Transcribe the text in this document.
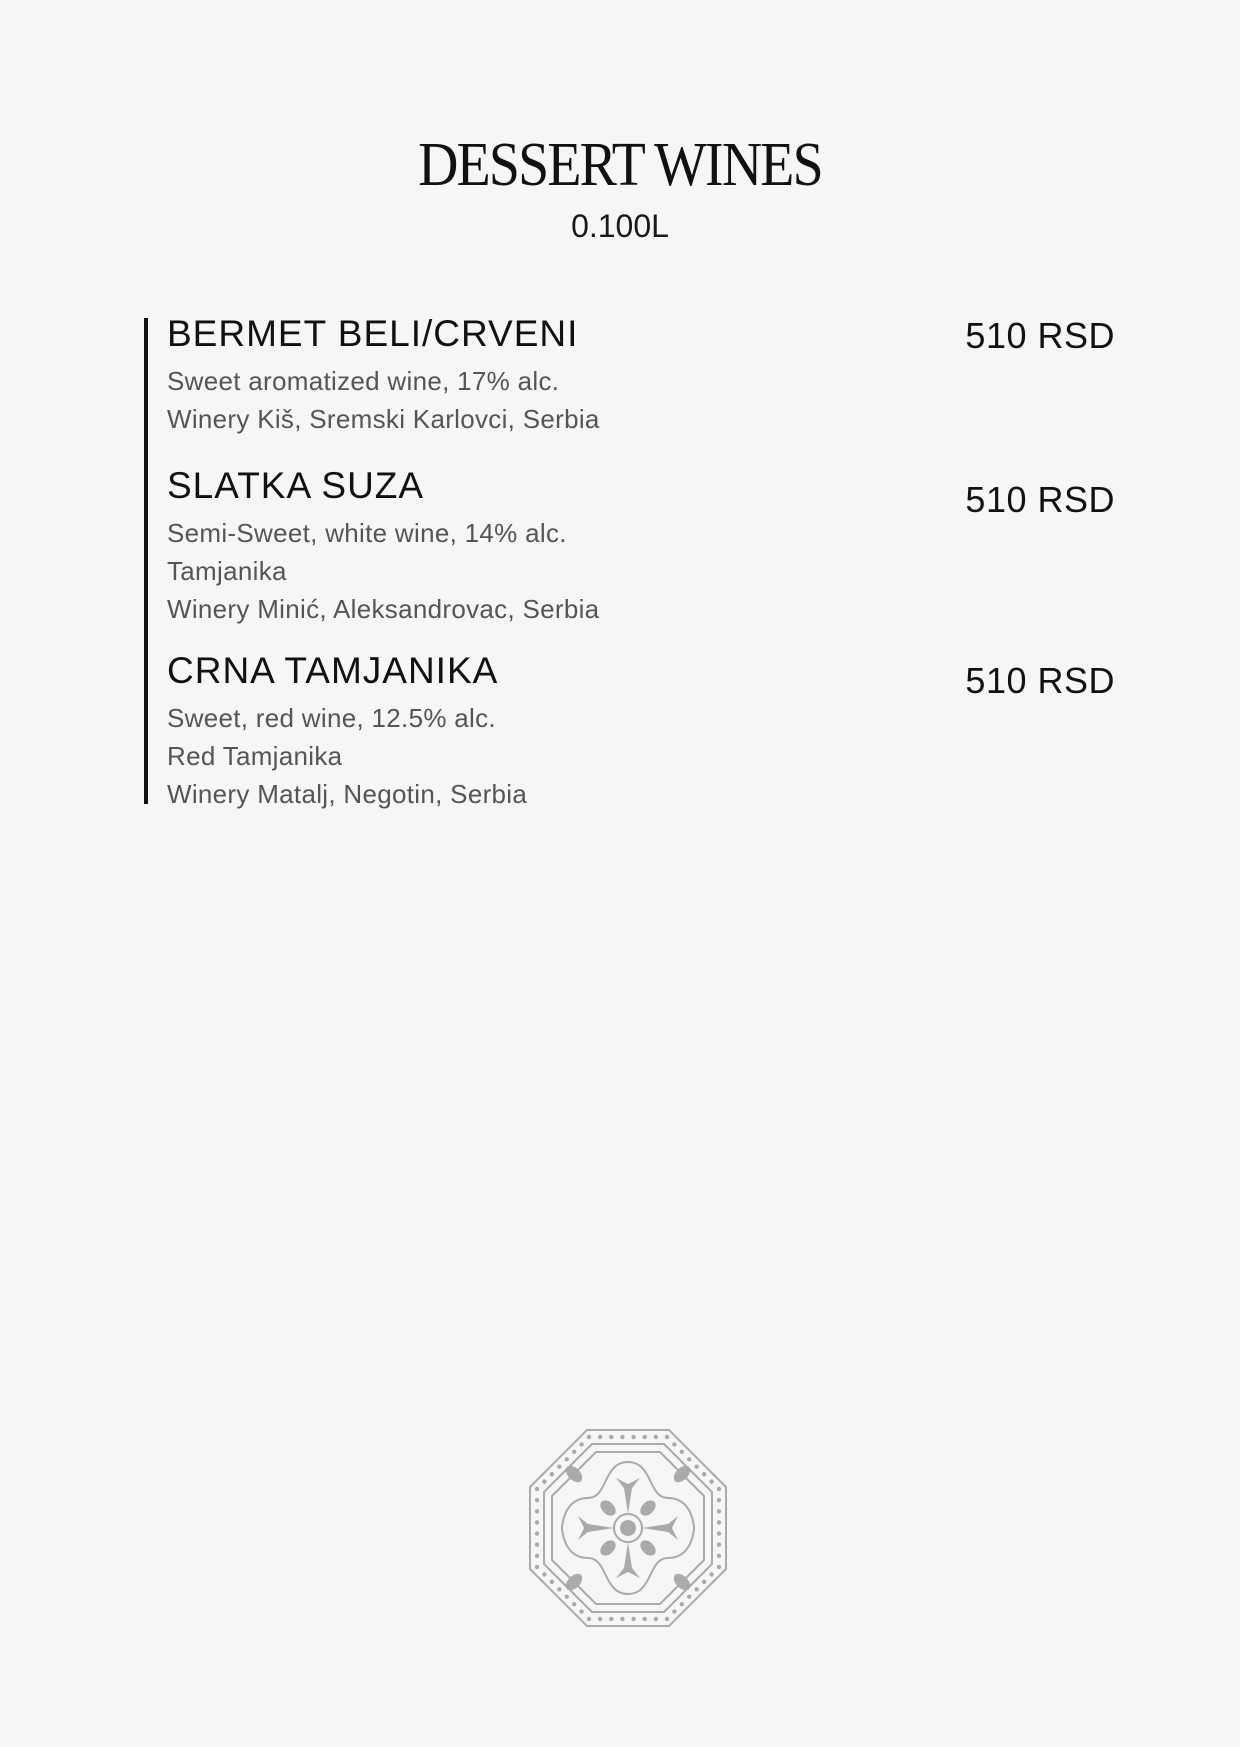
DESSERT WINES
0.100L
BERMET BELI/CRVENI	510 RSD
Sweet aromatized wine, 17% alc.
Winery Kiš, Sremski Karlovci, Serbia
SLATKA SUZA	510 RSD
Semi-Sweet, white wine, 14% alc.
Tamjanika
Winery Minić, Aleksandrovac, Serbia
CRNA TAMJANIKA	510 RSD
Sweet, red wine, 12.5% alc.
Red Tamjanika
Winery Matalj, Negotin, Serbia
